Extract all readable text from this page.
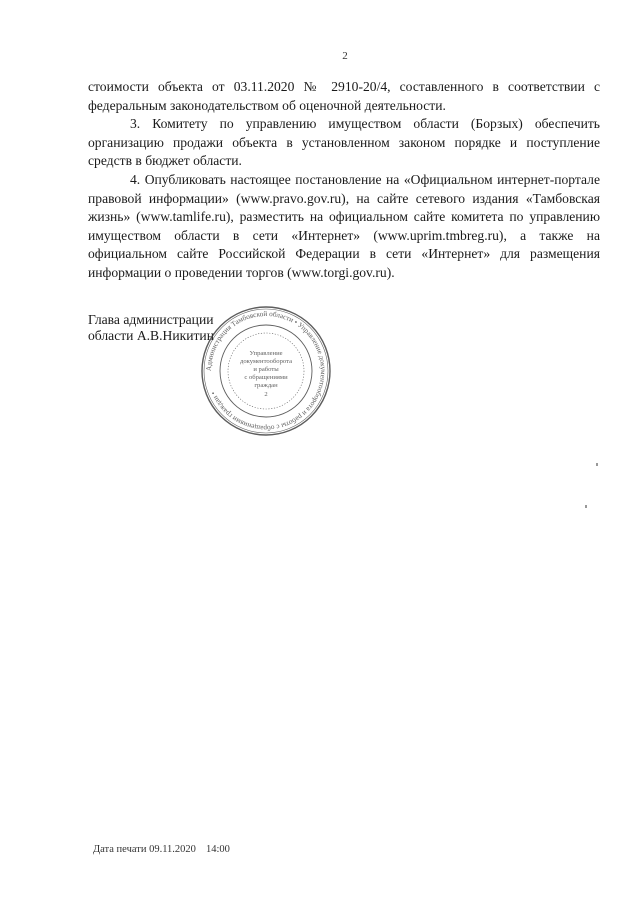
2

стоимости объекта от 03.11.2020 № 2910-20/4, составленного в соответствии с федеральным законодательством об оценочной деятельности.

3. Комитету по управлению имуществом области (Борзых) обеспечить организацию продажи объекта в установленном законом порядке и поступление средств в бюджет области.

4. Опубликовать настоящее постановление на «Официальном интернет-портале правовой информации» (www.pravo.gov.ru), на сайте сетевого издания «Тамбовская жизнь» (www.tamlife.ru), разместить на официальном сайте комитета по управлению имуществом области в сети «Интернет» (www.uprim.tmbreg.ru), а также на официальном сайте Российской Федерации в сети «Интернет» для размещения информации о проведении торгов (www.torgi.gov.ru).

Глава администрации
области А.В.Никитин
Администрация Тамбовской области • Управление документооборота и работы с обращениями граждан •
Управление
документооборота
и работы
с обращениями
граждан
2
Дата печати 09.11.2020 14:00
